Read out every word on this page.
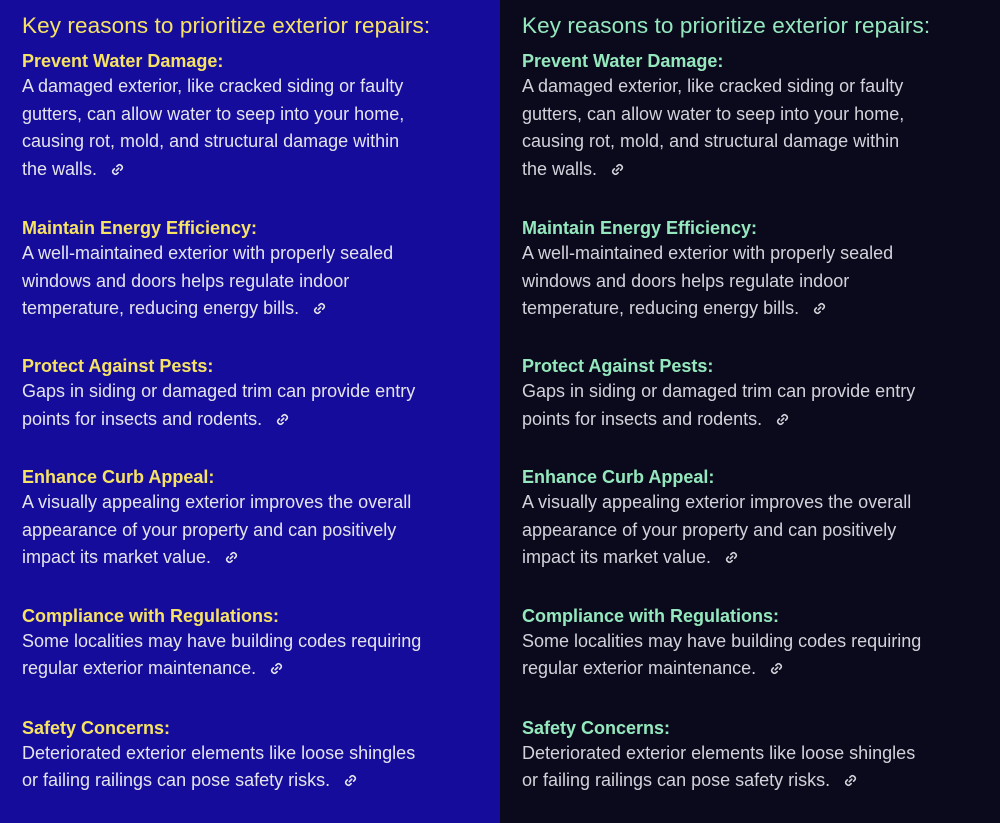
Key reasons to prioritize exterior repairs:
Prevent Water Damage:

A damaged exterior, like cracked siding or faulty
gutters, can allow water to seep into your home,
causing rot, mold, and structural damage within
the walls.

Maintain Energy Efficiency:

A well-maintained exterior with properly sealed
windows and doors helps regulate indoor
temperature, reducing energy bills.

Protect Against Pests:

Gaps in siding or damaged trim can provide entry
points for insects and rodents.

Enhance Curb Appeal:

A visually appealing exterior improves the overall
appearance of your property and can positively
impact its market value.

Compliance with Regulations:

Some localities may have building codes requiring
regular exterior maintenance.

Safety Concerns:

Deteriorated exterior elements like loose shingles
or failing railings can pose safety risks.

Key reasons to prioritize exterior repairs:
Prevent Water Damage:

A damaged exterior, like cracked siding or faulty
gutters, can allow water to seep into your home,
causing rot, mold, and structural damage within
the walls.

Maintain Energy Efficiency:

A well-maintained exterior with properly sealed
windows and doors helps regulate indoor
temperature, reducing energy bills.

Protect Against Pests:

Gaps in siding or damaged trim can provide entry
points for insects and rodents.

Enhance Curb Appeal:

A visually appealing exterior improves the overall
appearance of your property and can positively
impact its market value.

Compliance with Regulations:

Some localities may have building codes requiring
regular exterior maintenance.

Safety Concerns:

Deteriorated exterior elements like loose shingles
or failing railings can pose safety risks.
